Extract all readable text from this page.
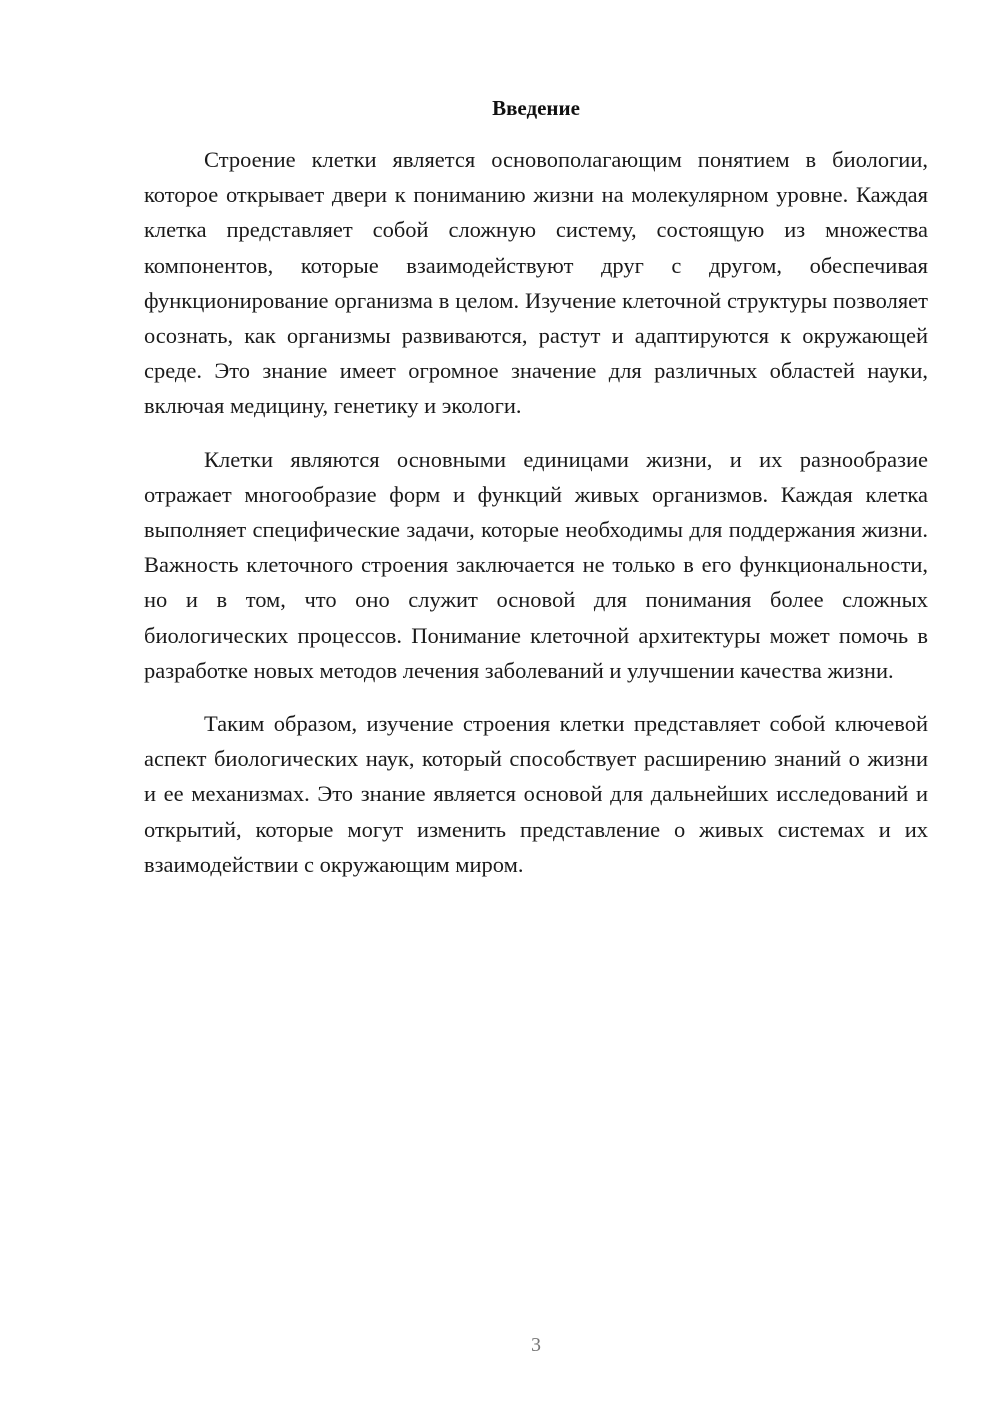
Введение

Строение клетки является основополагающим понятием в биологии, которое открывает двери к пониманию жизни на молекулярном уровне. Каждая клетка представляет собой сложную систему, состоящую из множества компонентов, которые взаимодействуют друг с другом, обеспечивая функционирование организма в целом. Изучение клеточной структуры позволяет осознать, как организмы развиваются, растут и адаптируются к окружающей среде. Это знание имеет огромное значение для различных областей науки, включая медицину, генетику и экологи.

Клетки являются основными единицами жизни, и их разнообразие отражает многообразие форм и функций живых организмов. Каждая клетка выполняет специфические задачи, которые необходимы для поддержания жизни. Важность клеточного строения заключается не только в его функциональности, но и в том, что оно служит основой для понимания более сложных биологических процессов. Понимание клеточной архитектуры может помочь в разработке новых методов лечения заболеваний и улучшении качества жизни.

Таким образом, изучение строения клетки представляет собой ключевой аспект биологических наук, который способствует расширению знаний о жизни и ее механизмах. Это знание является основой для дальнейших исследований и открытий, которые могут изменить представление о живых системах и их взаимодействии с окружающим миром.

3
